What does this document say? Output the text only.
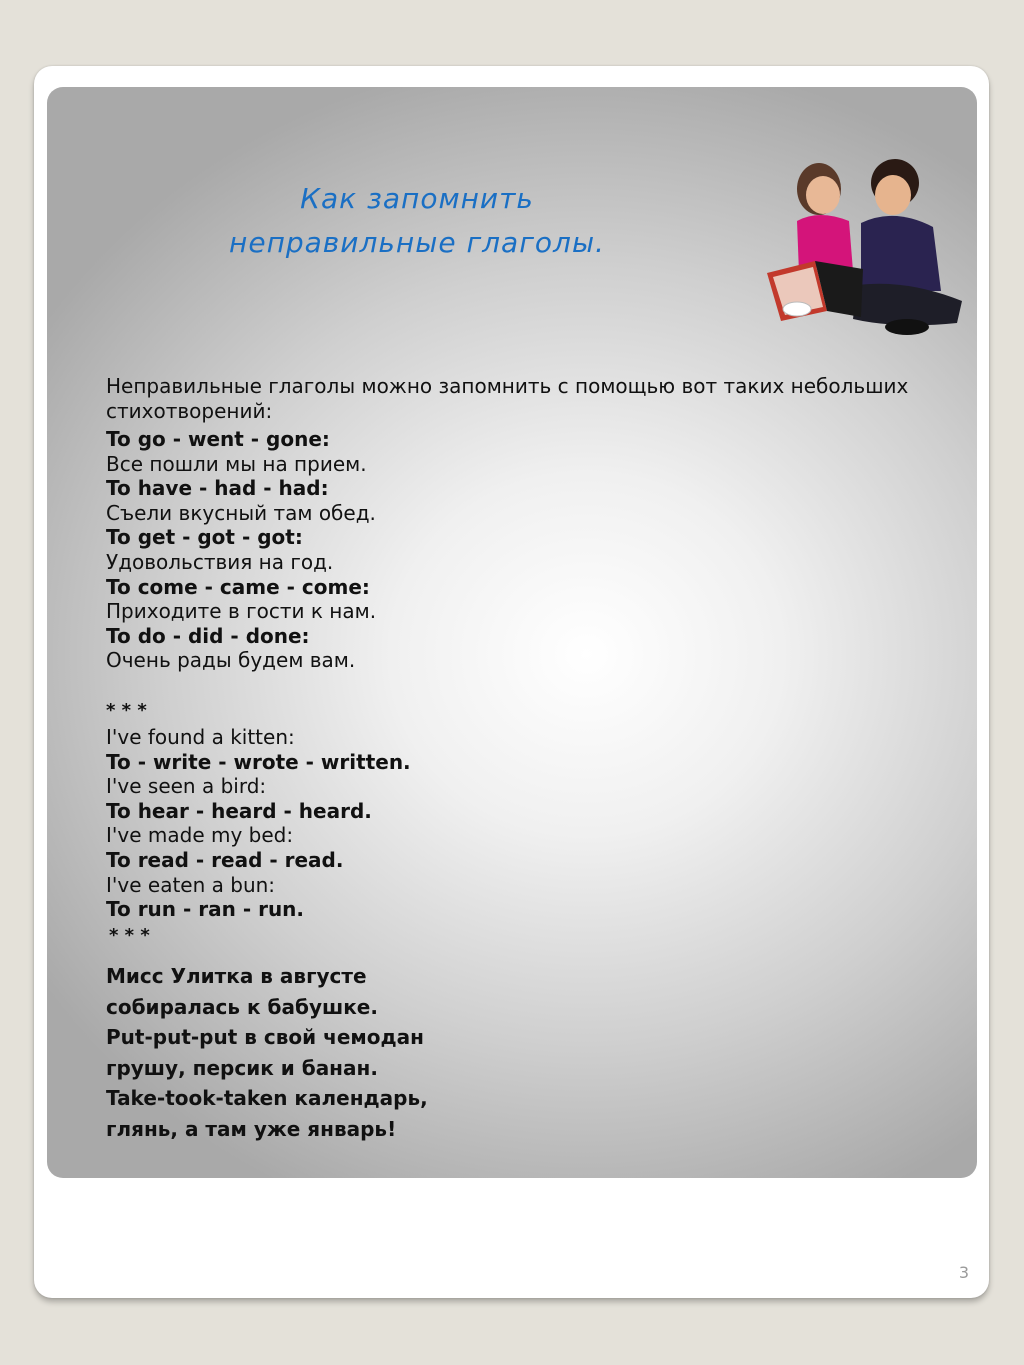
Как запомнить
неправильные глаголы.
Неправильные глаголы можно запомнить с помощью вот таких небольших стихотворений:
To go - went - gone:
Все пошли мы на прием.
To have - had - had:
Съели вкусный там обед.
To get - got - got:
Удовольствия на год.
To come - came - come:
Приходите в гости к нам.
To do - did - done:
Очень рады будем вам.
* * *
I've found a kitten:
To - write - wrote - written.
I've seen a bird:
To hear - heard - heard.
I've made my bed:
To read - read - read.
I've eaten a bun:
To run - ran - run.
* * *
Мисс Улитка в августе
собиралась к бабушке.
Put-put-put в свой чемодан
грушу, персик и банан.
Take-took-taken календарь,
глянь, а там уже январь!
3
